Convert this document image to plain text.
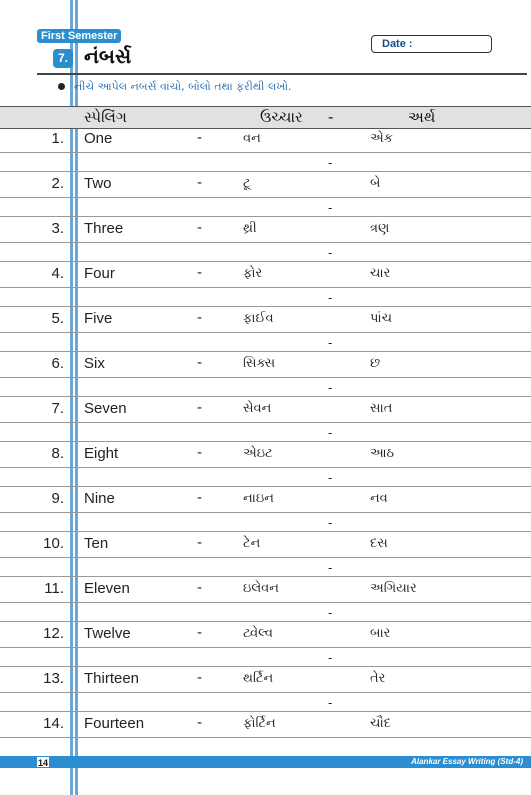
First Semester
7. નંબર્સ	Date :
નીચે આપેલ નંબર્સ વાંચો, બોલો તથા ફરીથી લખો.
સ્પેલિંગ	ઉચ્ચાર -	અર્થ
1. One	-	વન	એક
-
2. Two	-	ટૂ	બે
-
3. Three	-	થ્રી	ત્રણ
-
4. Four	-	ફોર	ચાર
-
5. Five	-	ફાઈવ	પાંચ
-
6. Six	-	સિક્સ	છ
-
7. Seven	-	સેવન	સાત
-
8. Eight	-	એઇટ	આઠ
-
9. Nine	-	નાઇન	નવ
-
10. Ten	-	ટેન	દસ
-
11. Eleven	-	ઇલેવન	અગિયાર
-
12. Twelve	-	ટ્વેલ્વ	બાર
-
13. Thirteen	-	થર્ટિન	તેર
-
14. Fourteen	-	ફોર્ટિન	ચૌદ
14	Alankar Essay Writing (Std-4)
